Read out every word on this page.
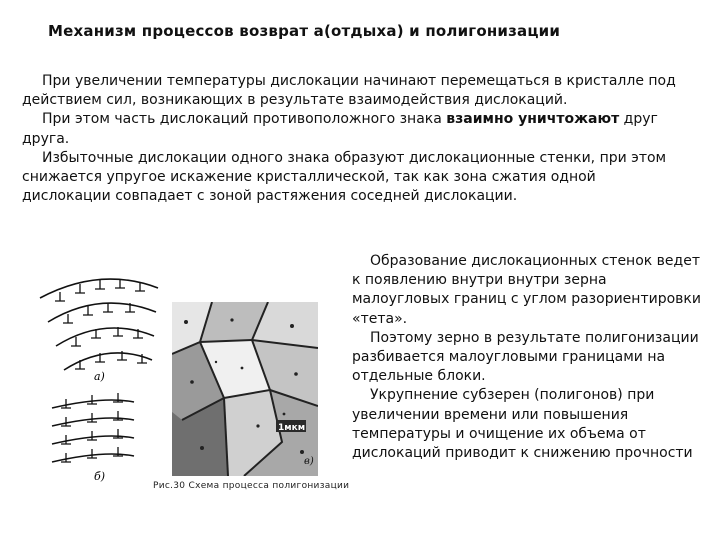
Механизм процессов возврат а(отдыха) и полигонизации

При увеличении температуры дислокации начинают перемещаться в кристалле под действием сил, возникающих в результате взаимодействия дислокаций.

При этом часть дислокаций противоположного знака взаимно уничтожают друг друга.

Избыточные дислокации одного знака образуют дислокационные стенки, при этом снижается упругое искажение кристаллической, так как зона сжатия одной дислокации совпадает с зоной растяжения соседней дислокации.

а)
б)
1мкм
в)
Рис.30 Схема процесса полигонизации

Образование дислокационных стенок ведет к появлению внутри внутри зерна малоугловых границ с углом разориентировки «тета».

Поэтому зерно в результате полигонизации разбивается малоугловыми границами на отдельные блоки.

Укрупнение субзерен (полигонов) при увеличении времени или повышения температуры и очищение их объема от дислокаций приводит к снижению прочности
